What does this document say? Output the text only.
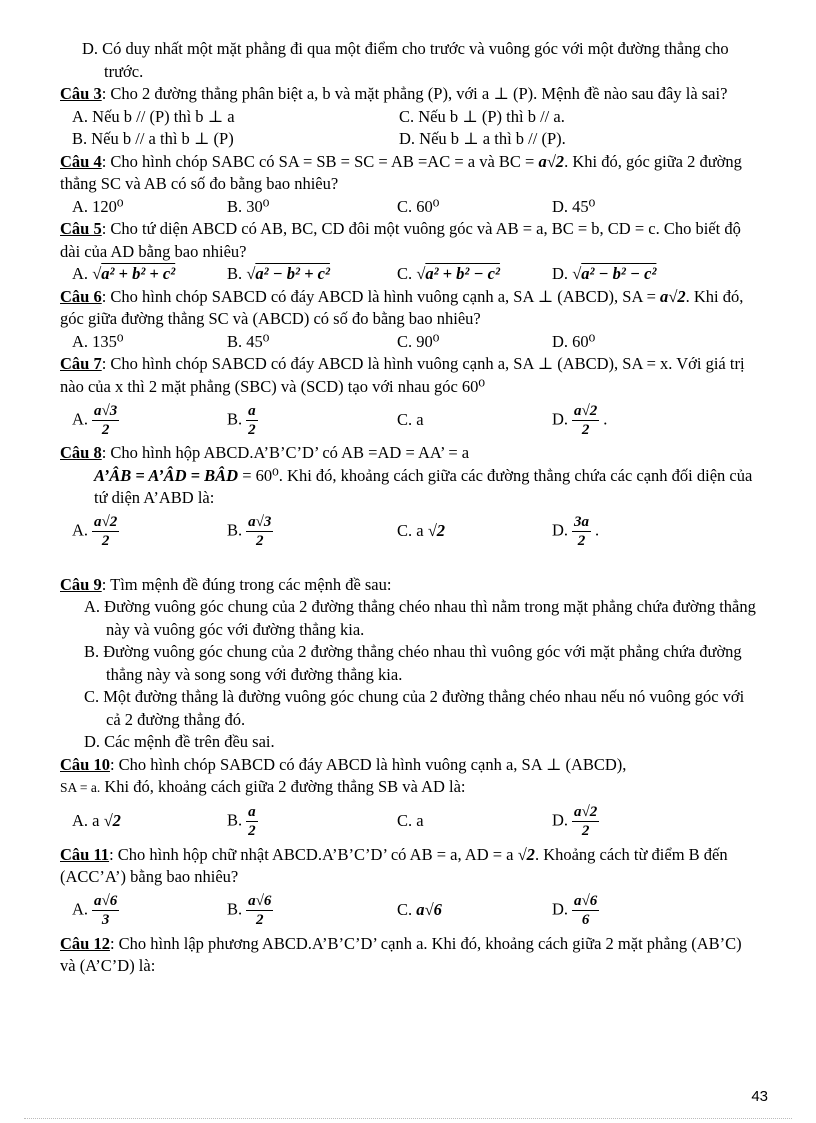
D. Có duy nhất một mặt phẳng đi qua một điểm cho trước và vuông góc với một đường thẳng cho trước.

Câu 3: Cho 2 đường thẳng phân biệt a, b và mặt phẳng (P), với a ⊥ (P). Mệnh đề nào sau đây là sai?

A. Nếu b // (P) thì b ⊥ a	C. Nếu b ⊥ (P) thì b // a.
B. Nếu b // a thì b ⊥ (P)	D. Nếu b ⊥ a thì b // (P).

Câu 4: Cho hình chóp SABC có SA = SB = SC = AB =AC = a và BC = a√2. Khi đó, góc giữa 2 đường thẳng SC và AB có số đo bằng bao nhiêu?

A. 120⁰	B. 30⁰	C. 60⁰	D. 45⁰

Câu 5: Cho tứ diện ABCD có AB, BC, CD đôi một vuông góc và AB = a, BC = b, CD = c. Cho biết độ dài của AD bằng bao nhiêu?

A. √a² + b² + c²	B. √a² − b² + c²	C. √a² + b² − c²	D. √a² − b² − c²

Câu 6: Cho hình chóp SABCD có đáy ABCD là hình vuông cạnh a, SA ⊥ (ABCD), SA = a√2. Khi đó, góc giữa đường thẳng SC và (ABCD) có số đo bằng bao nhiêu?

A. 135⁰	B. 45⁰	C. 90⁰	D. 60⁰

Câu 7: Cho hình chóp SABCD có đáy ABCD là hình vuông cạnh a, SA ⊥ (ABCD), SA = x. Với giá trị nào của x thì 2 mặt phẳng (SBC) và (SCD) tạo với nhau góc 60⁰

A. $\frac{a√3}{2}$	B. $\frac{a}{2}$	C. a	D. $\frac{a√2}{2}$ .

Câu 8: Cho hình hộp ABCD.A’B’C’D’ có AB =AD = AA’ = a

A’ÂB = A’ÂD = BÂD = 60⁰. Khi đó, khoảng cách giữa các đường thẳng chứa các cạnh đối diện của tứ diện A’ABD là:

A. $\frac{a√2}{2}$	B. $\frac{a√3}{2}$	C. a √2	D. $\frac{3a}{2}$ .

Câu 9: Tìm mệnh đề đúng trong các mệnh đề sau:

A. Đường vuông góc chung của 2 đường thẳng chéo nhau thì nằm trong mặt phẳng chứa đường thẳng này và vuông góc với đường thẳng kia.

B. Đường vuông góc chung của 2 đường thẳng chéo nhau thì vuông góc với mặt phẳng chứa đường thẳng này và song song với đường thẳng kia.

C. Một đường thẳng là đường vuông góc chung của 2 đường thẳng chéo nhau nếu nó vuông góc với cả 2 đường thẳng đó.

D. Các mệnh đề trên đều sai.

Câu 10: Cho hình chóp SABCD có đáy ABCD là hình vuông cạnh a, SA ⊥ (ABCD),
SA = a. Khi đó, khoảng cách giữa 2 đường thẳng SB và AD là:

A. a √2	B. $\frac{a}{2}$	C. a	D. $\frac{a√2}{2}$

Câu 11: Cho hình hộp chữ nhật ABCD.A’B’C’D’ có AB = a, AD = a √2. Khoảng cách từ điểm B đến (ACC’A’) bằng bao nhiêu?

A. $\frac{a√6}{3}$	B. $\frac{a√6}{2}$	C. a√6	D. $\frac{a√6}{6}$

Câu 12: Cho hình lập phương ABCD.A’B’C’D’ cạnh a. Khi đó, khoảng cách giữa 2 mặt phẳng (AB’C) và (A’C’D) là:

43
